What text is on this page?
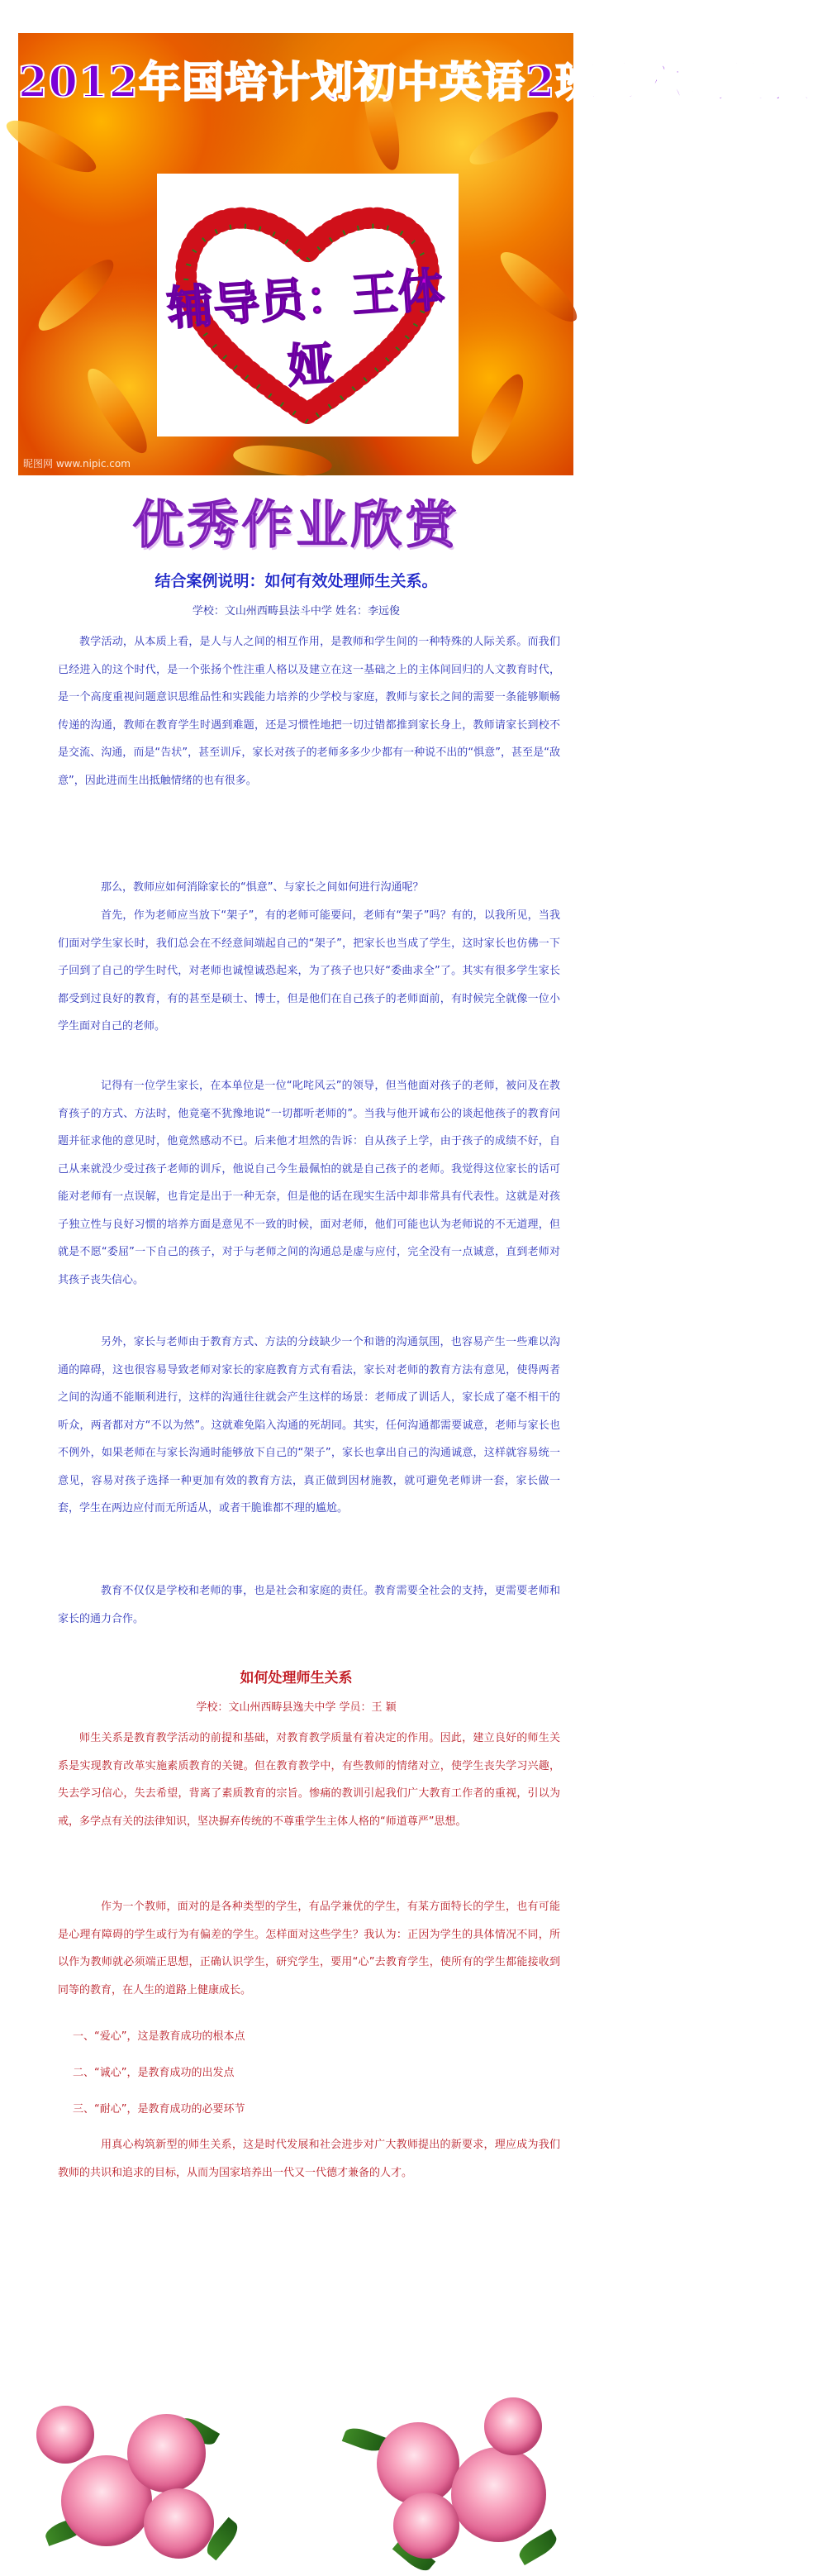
2012年国培计划初中英语2班第六期简报
辅导员：王体娅
昵图网 www.nipic.com
优秀作业欣赏
结合案例说明：如何有效处理师生关系。
学校：文山州西畴县法斗中学 姓名：李远俊

教学活动，从本质上看，是人与人之间的相互作用，是教师和学生间的一种特殊的人际关系。而我们已经进入的这个时代，是一个张扬个性注重人格以及建立在这一基础之上的主体间回归的人文教育时代，是一个高度重视问题意识思维品性和实践能力培养的少学校与家庭，教师与家长之间的需要一条能够顺畅传递的沟通，教师在教育学生时遇到难题，还是习惯性地把一切过错都推到家长身上，教师请家长到校不是交流、沟通，而是“告状”，甚至训斥，家长对孩子的老师多多少少都有一种说不出的“惧意”，甚至是“敌意”，因此进而生出抵触情绪的也有很多。

那么，教师应如何消除家长的“惧意”、与家长之间如何进行沟通呢？

首先，作为老师应当放下“架子”，有的老师可能要问，老师有“架子”吗？有的，以我所见，当我们面对学生家长时，我们总会在不经意间端起自己的“架子”，把家长也当成了学生，这时家长也仿佛一下子回到了自己的学生时代，对老师也诚惶诚恐起来，为了孩子也只好“委曲求全”了。其实有很多学生家长都受到过良好的教育，有的甚至是硕士、博士，但是他们在自己孩子的老师面前，有时候完全就像一位小学生面对自己的老师。

记得有一位学生家长，在本单位是一位“叱咤风云”的领导，但当他面对孩子的老师，被问及在教育孩子的方式、方法时，他竟毫不犹豫地说“一切都听老师的”。当我与他开诚布公的谈起他孩子的教育问题并征求他的意见时，他竟然感动不已。后来他才坦然的告诉：自从孩子上学，由于孩子的成绩不好，自己从来就没少受过孩子老师的训斥，他说自己今生最佩怕的就是自己孩子的老师。我觉得这位家长的话可能对老师有一点误解，也肯定是出于一种无奈，但是他的话在现实生活中却非常具有代表性。这就是对孩子独立性与良好习惯的培养方面是意见不一致的时候，面对老师，他们可能也认为老师说的不无道理，但就是不愿“委屈”一下自己的孩子，对于与老师之间的沟通总是虚与应付，完全没有一点诚意，直到老师对其孩子丧失信心。

另外，家长与老师由于教育方式、方法的分歧缺少一个和谐的沟通氛围，也容易产生一些难以沟通的障碍，这也很容易导致老师对家长的家庭教育方式有看法，家长对老师的教育方法有意见，使得两者之间的沟通不能顺利进行，这样的沟通往往就会产生这样的场景：老师成了训话人，家长成了毫不相干的听众，两者都对方“不以为然”。这就难免陷入沟通的死胡同。其实，任何沟通都需要诚意，老师与家长也不例外，如果老师在与家长沟通时能够放下自己的“架子”，家长也拿出自己的沟通诚意，这样就容易统一意见，容易对孩子选择一种更加有效的教育方法，真正做到因材施教，就可避免老师讲一套，家长做一套，学生在两边应付而无所适从，或者干脆谁都不理的尴尬。

教育不仅仅是学校和老师的事，也是社会和家庭的责任。教育需要全社会的支持，更需要老师和家长的通力合作。

如何处理师生关系
学校：文山州西畴县逸夫中学 学员：王 颖

师生关系是教育教学活动的前提和基础，对教育教学质量有着决定的作用。因此，建立良好的师生关系是实现教育改革实施素质教育的关键。但在教育教学中，有些教师的情绪对立，使学生丧失学习兴趣，失去学习信心，失去希望，背离了素质教育的宗旨。惨痛的教训引起我们广大教育工作者的重视，引以为戒，多学点有关的法律知识，坚决摒弃传统的不尊重学生主体人格的“师道尊严”思想。

作为一个教师，面对的是各种类型的学生，有品学兼优的学生，有某方面特长的学生，也有可能是心理有障碍的学生或行为有偏差的学生。怎样面对这些学生？我认为：正因为学生的具体情况不同，所以作为教师就必须端正思想，正确认识学生，研究学生，要用“心”去教育学生，使所有的学生都能接收到同等的教育，在人生的道路上健康成长。

一、“爱心”，这是教育成功的根本点
二、“诚心”，是教育成功的出发点
三、“耐心”，是教育成功的必要环节

用真心构筑新型的师生关系，这是时代发展和社会进步对广大教师提出的新要求，理应成为我们教师的共识和追求的目标，从而为国家培养出一代又一代德才兼备的人才。
